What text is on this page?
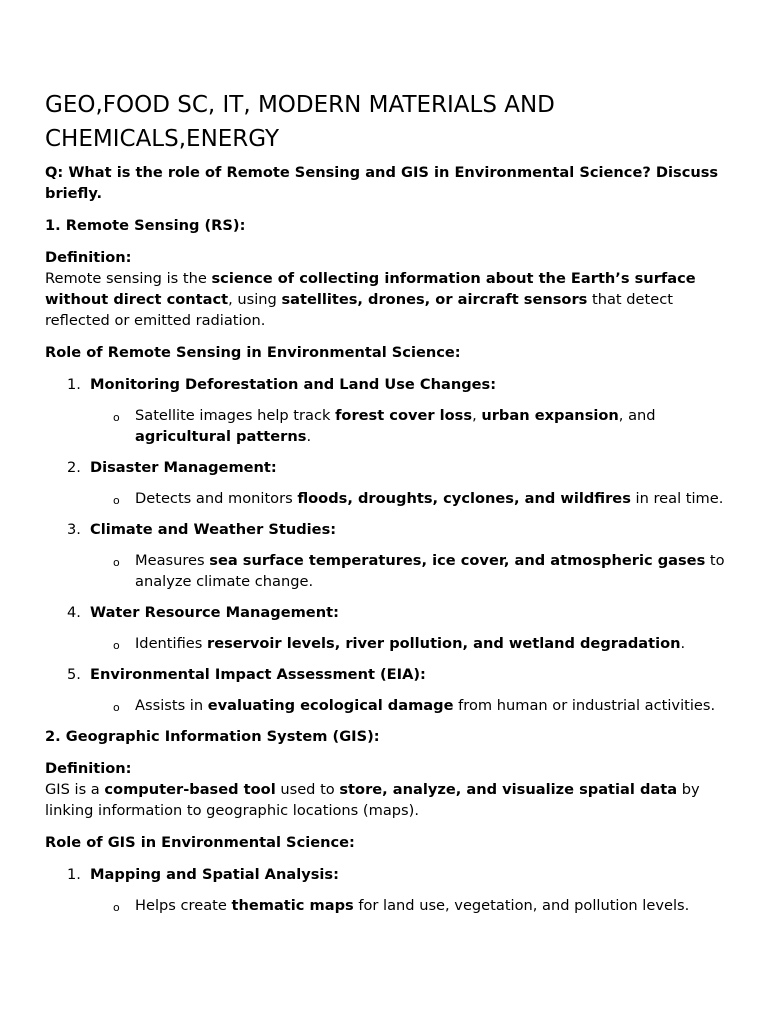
GEO,FOOD SC, IT, MODERN MATERIALS AND CHEMICALS,ENERGY

Q: What is the role of Remote Sensing and GIS in Environmental Science? Discuss briefly.

1. Remote Sensing (RS):

Definition:

Remote sensing is the science of collecting information about the Earth’s surface without direct contact, using satellites, drones, or aircraft sensors that detect reflected or emitted radiation.

Role of Remote Sensing in Environmental Science:

1. Monitoring Deforestation and Land Use Changes:
o Satellite images help track forest cover loss, urban expansion, and agricultural patterns.
2. Disaster Management:
o Detects and monitors floods, droughts, cyclones, and wildfires in real time.
3. Climate and Weather Studies:
o Measures sea surface temperatures, ice cover, and atmospheric gases to analyze climate change.
4. Water Resource Management:
o Identifies reservoir levels, river pollution, and wetland degradation.
5. Environmental Impact Assessment (EIA):
o Assists in evaluating ecological damage from human or industrial activities.

2. Geographic Information System (GIS):

Definition:

GIS is a computer-based tool used to store, analyze, and visualize spatial data by linking information to geographic locations (maps).

Role of GIS in Environmental Science:

1. Mapping and Spatial Analysis:
o Helps create thematic maps for land use, vegetation, and pollution levels.
